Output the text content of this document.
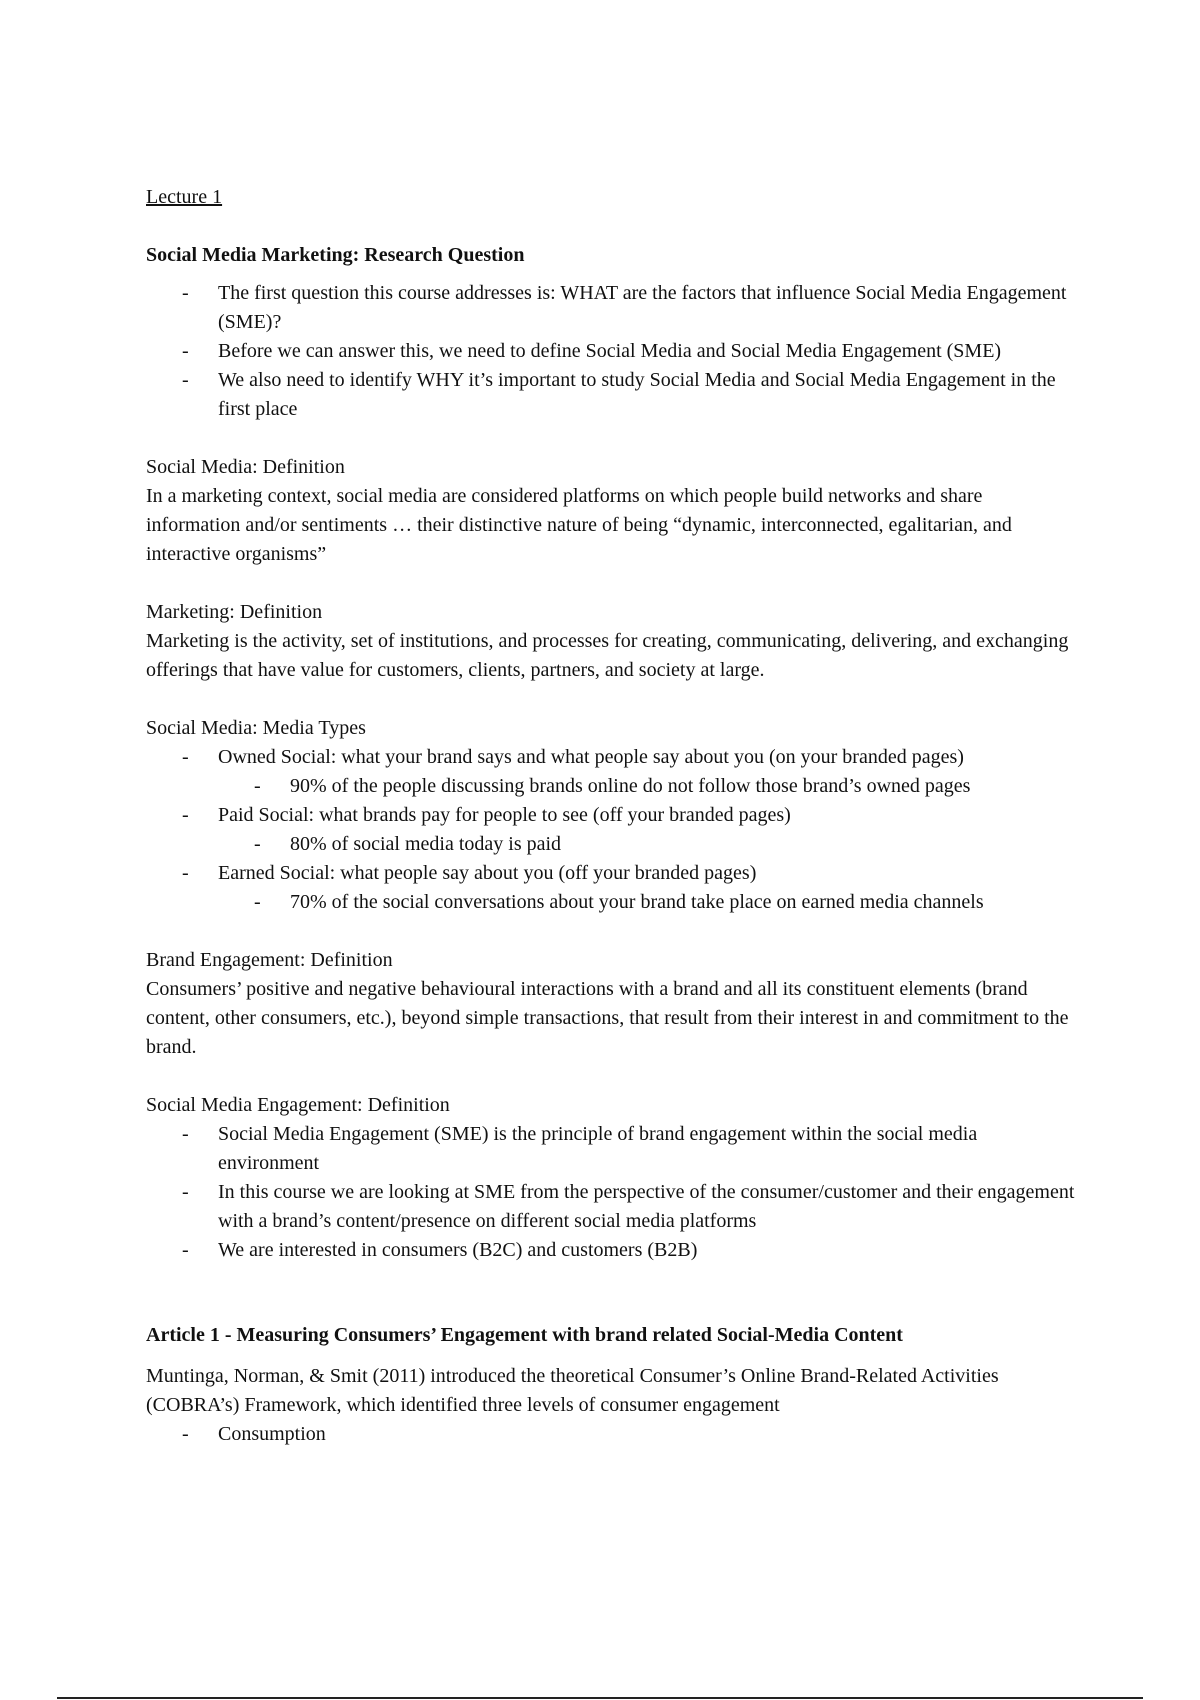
Lecture 1

Social Media Marketing: Research Question

- The first question this course addresses is: WHAT are the factors that influence Social Media Engagement (SME)?
- Before we can answer this, we need to define Social Media and Social Media Engagement (SME)
- We also need to identify WHY it’s important to study Social Media and Social Media Engagement in the first place

Social Media: Definition

In a marketing context, social media are considered platforms on which people build networks and share information and/or sentiments … their distinctive nature of being “dynamic, interconnected, egalitarian, and interactive organisms”

Marketing: Definition

Marketing is the activity, set of institutions, and processes for creating, communicating, delivering, and exchanging offerings that have value for customers, clients, partners, and society at large.

Social Media: Media Types

- Owned Social: what your brand says and what people say about you (on your branded pages)
- 90% of the people discussing brands online do not follow those brand’s owned pages
- Paid Social: what brands pay for people to see (off your branded pages)
- 80% of social media today is paid
- Earned Social: what people say about you (off your branded pages)
- 70% of the social conversations about your brand take place on earned media channels

Brand Engagement: Definition

Consumers’ positive and negative behavioural interactions with a brand and all its constituent elements (brand content, other consumers, etc.), beyond simple transactions, that result from their interest in and commitment to the brand.

Social Media Engagement: Definition

- Social Media Engagement (SME) is the principle of brand engagement within the social media environment
- In this course we are looking at SME from the perspective of the consumer/customer and their engagement with a brand’s content/presence on different social media platforms
- We are interested in consumers (B2C) and customers (B2B)

Article 1 - Measuring Consumers’ Engagement with brand related Social-Media Content

Muntinga, Norman, & Smit (2011) introduced the theoretical Consumer’s Online Brand-Related Activities (COBRA’s) Framework, which identified three levels of consumer engagement

- Consumption
